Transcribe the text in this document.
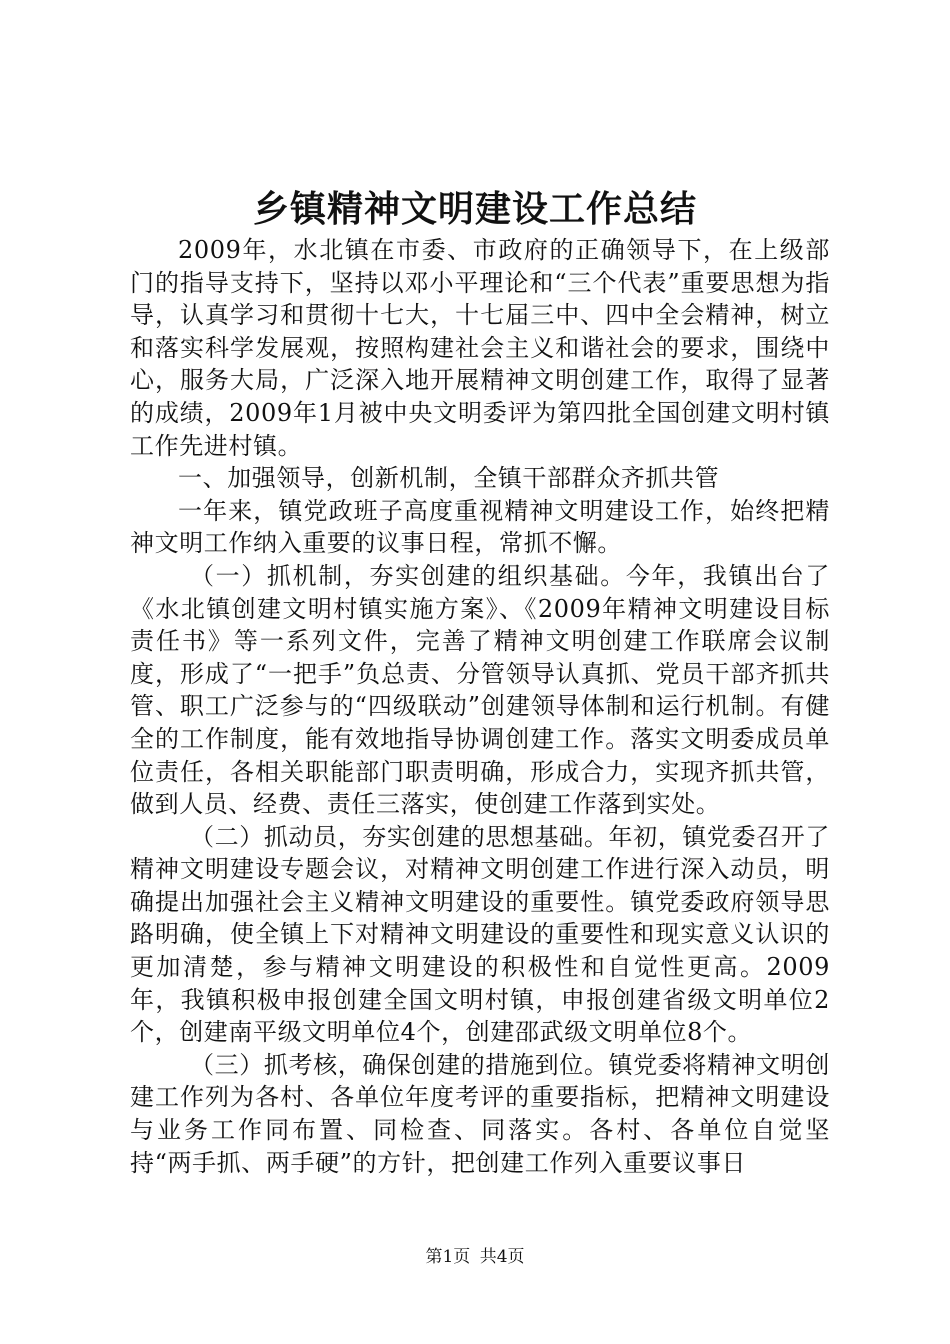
乡镇精神文明建设工作总结

2009年，水北镇在市委、市政府的正确领导下，在上级部门的指导支持下，坚持以邓小平理论和“三个代表”重要思想为指导，认真学习和贯彻十七大，十七届三中、四中全会精神，树立和落实科学发展观，按照构建社会主义和谐社会的要求，围绕中心，服务大局，广泛深入地开展精神文明创建工作，取得了显著的成绩，2009年1月被中央文明委评为第四批全国创建文明村镇工作先进村镇。

一、加强领导，创新机制，全镇干部群众齐抓共管

一年来，镇党政班子高度重视精神文明建设工作，始终把精神文明工作纳入重要的议事日程，常抓不懈。

（一）抓机制，夯实创建的组织基础。今年，我镇出台了《水北镇创建文明村镇实施方案》、《2009年精神文明建设目标责任书》等一系列文件，完善了精神文明创建工作联席会议制度，形成了“一把手”负总责、分管领导认真抓、党员干部齐抓共管、职工广泛参与的“四级联动”创建领导体制和运行机制。有健全的工作制度，能有效地指导协调创建工作。落实文明委成员单位责任，各相关职能部门职责明确，形成合力，实现齐抓共管，做到人员、经费、责任三落实，使创建工作落到实处。

（二）抓动员，夯实创建的思想基础。年初，镇党委召开了精神文明建设专题会议，对精神文明创建工作进行深入动员，明确提出加强社会主义精神文明建设的重要性。镇党委政府领导思路明确，使全镇上下对精神文明建设的重要性和现实意义认识的更加清楚，参与精神文明建设的积极性和自觉性更高。2009年，我镇积极申报创建全国文明村镇，申报创建省级文明单位2个，创建南平级文明单位4个，创建邵武级文明单位8个。

（三）抓考核，确保创建的措施到位。镇党委将精神文明创建工作列为各村、各单位年度考评的重要指标，把精神文明建设与业务工作同布置、同检查、同落实。各村、各单位自觉坚持“两手抓、两手硬”的方针，把创建工作列入重要议事日

第1页 共4页
